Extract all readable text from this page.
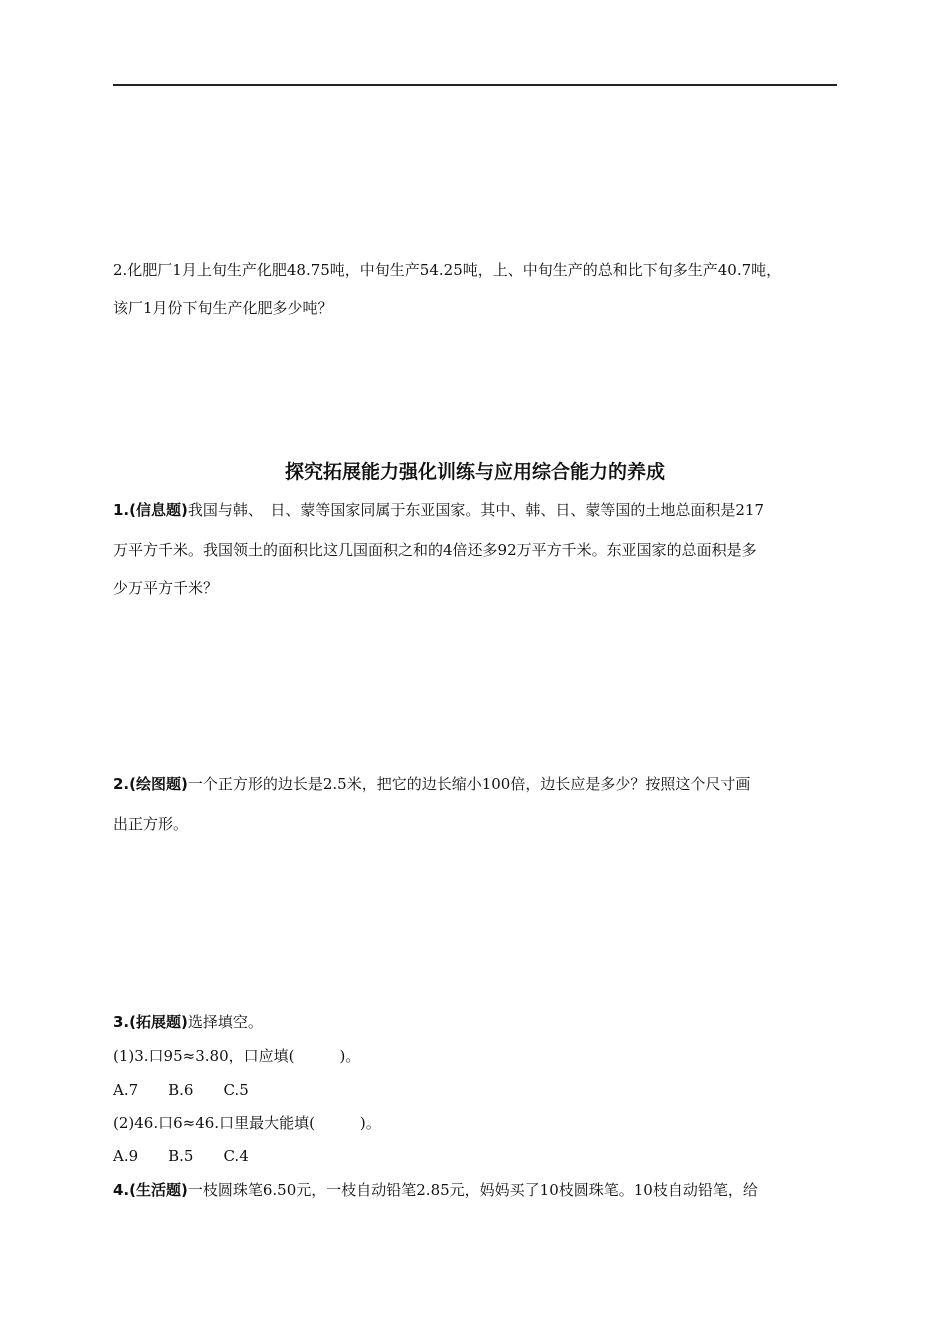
2.化肥厂1月上旬生产化肥48.75吨，中旬生产54.25吨，上、中旬生产的总和比下旬多生产40.7吨，
该厂1月份下旬生产化肥多少吨？
探究拓展能力强化训练与应用综合能力的养成
1.(信息题)我国与韩、　日、蒙等国家同属于东亚国家。其中、韩、日、蒙等国的土地总面积是217
万平方千米。我国领土的面积比这几国面积之和的4倍还多92万平方千米。东亚国家的总面积是多
少万平方千米？
2.(绘图题)一个正方形的边长是2.5米，把它的边长缩小100倍，边长应是多少？按照这个尺寸画
出正方形。
3.(拓展题)选择填空。
(1)3.口95≈3.80，口应填(　　　)。
A.7　　B.6　　C.5
(2)46.口6≈46.口里最大能填(　　　)。
A.9　　B.5　　C.4
4.(生活题)一枝圆珠笔6.50元，一枝自动铅笔2.85元，妈妈买了10枝圆珠笔。10枝自动铅笔，给
